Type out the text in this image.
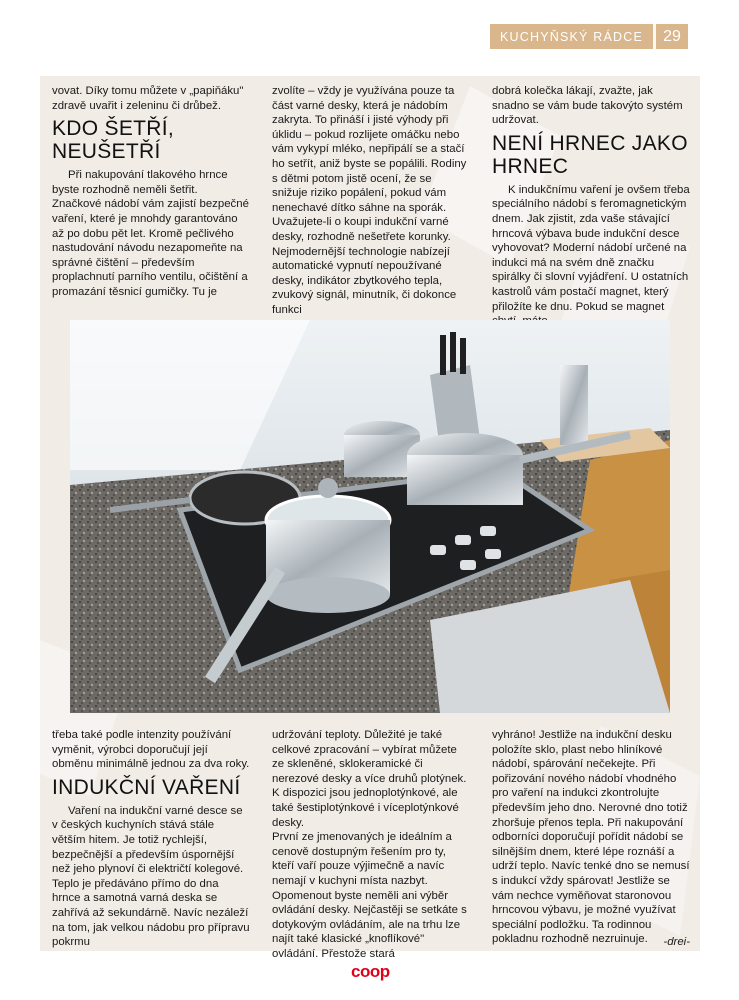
KUCHYŇSKÝ RÁDCE	29

vovat. Díky tomu můžete v „papiňáku" zdravě uvařit i zeleninu či drůbež.

KDO ŠETŘÍ, NEUŠETŘÍ

Při nakupování tlakového hrnce byste rozhodně neměli šetřit. Značkové nádobí vám zajistí bezpečné vaření, které je mnohdy garantováno až po dobu pět let. Kromě pečlivého nastudování návodu nezapomeňte na správné čištění – především proplachnutí parního ventilu, očištění a promazání těsnicí gumičky. Tu je

zvolíte – vždy je využívána pouze ta část varné desky, která je nádobím zakryta. To přináší i jisté výhody při úklidu – pokud rozlijete omáčku nebo vám vykypí mléko, nepřipálí se a stačí ho setřít, aniž byste se popálili. Rodiny s dětmi potom jistě ocení, že se snižuje riziko popálení, pokud vám nenechavé dítko sáhne na sporák.

Uvažujete-li o koupi indukční varné desky, rozhodně nešetřete korunky. Nejmodernější technologie nabízejí automatické vypnutí nepoužívané desky, indikátor zbytkového tepla, zvukový signál, minutník, či dokonce funkci

dobrá kolečka lákají, zvažte, jak snadno se vám bude takovýto systém udržovat.

NENÍ HRNEC JAKO HRNEC

K indukčnímu vaření je ovšem třeba speciálního nádobí s feromagnetickým dnem. Jak zjistit, zda vaše stávající hrncová výbava bude indukční desce vyhovovat? Moderní nádobí určené na indukci má na svém dně značku spirálky či slovní vyjádření. U ostatních kastrolů vám postačí magnet, který přiložíte ke dnu. Pokud se magnet

třeba také podle intenzity používání vyměnit, výrobci doporučují její obměnu minimálně jednou za dva roky.

INDUKČNÍ VAŘENÍ

Vaření na indukční varné desce se v českých kuchyních stává stále větším hitem. Je totiž rychlejší, bezpečnější a především úspornější než jeho plynoví či električtí kolegové. Teplo je předáváno přímo do dna hrnce a samotná varná deska se zahřívá až sekundárně. Navíc nezáleží na tom, jak velkou nádobu pro přípravu pokrmu

udržování teploty. Důležité je také celkové zpracování – vybírat můžete ze skleněné, sklokeramické či nerezové desky a více druhů plotýnek. K dispozici jsou jednoplotýnkové, ale také šestiplotýnkové i víceplotýnkové desky.

První ze jmenovaných je ideálním a cenově dostupným řešením pro ty, kteří vaří pouze výjimečně a navíc nemají v kuchyni místa nazbyt. Opomenout byste neměli ani výběr ovládání desky. Nejčastěji se setkáte s dotykovým ovládáním, ale na trhu lze najít také klasické „knoflíkové" ovládání. Přestože stará

vyhráno! Jestliže na indukční desku položíte sklo, plast nebo hliníkové nádobí, spárování nečekejte. Při pořizování nového nádobí vhodného pro vaření na indukci zkontrolujte především jeho dno. Nerovné dno totiž zhoršuje přenos tepla. Při nakupování odborníci doporučují pořídit nádobí se silnějším dnem, které lépe roznáší a udrží teplo. Navíc tenké dno se nemusí s indukcí vždy spárovat! Jestliže se vám nechce vyměňovat staronovou hrncovou výbavu, je možné využívat speciální podložku. Ta rodinnou pokladnu rozhodně nezruinuje.	-drei-
coop
